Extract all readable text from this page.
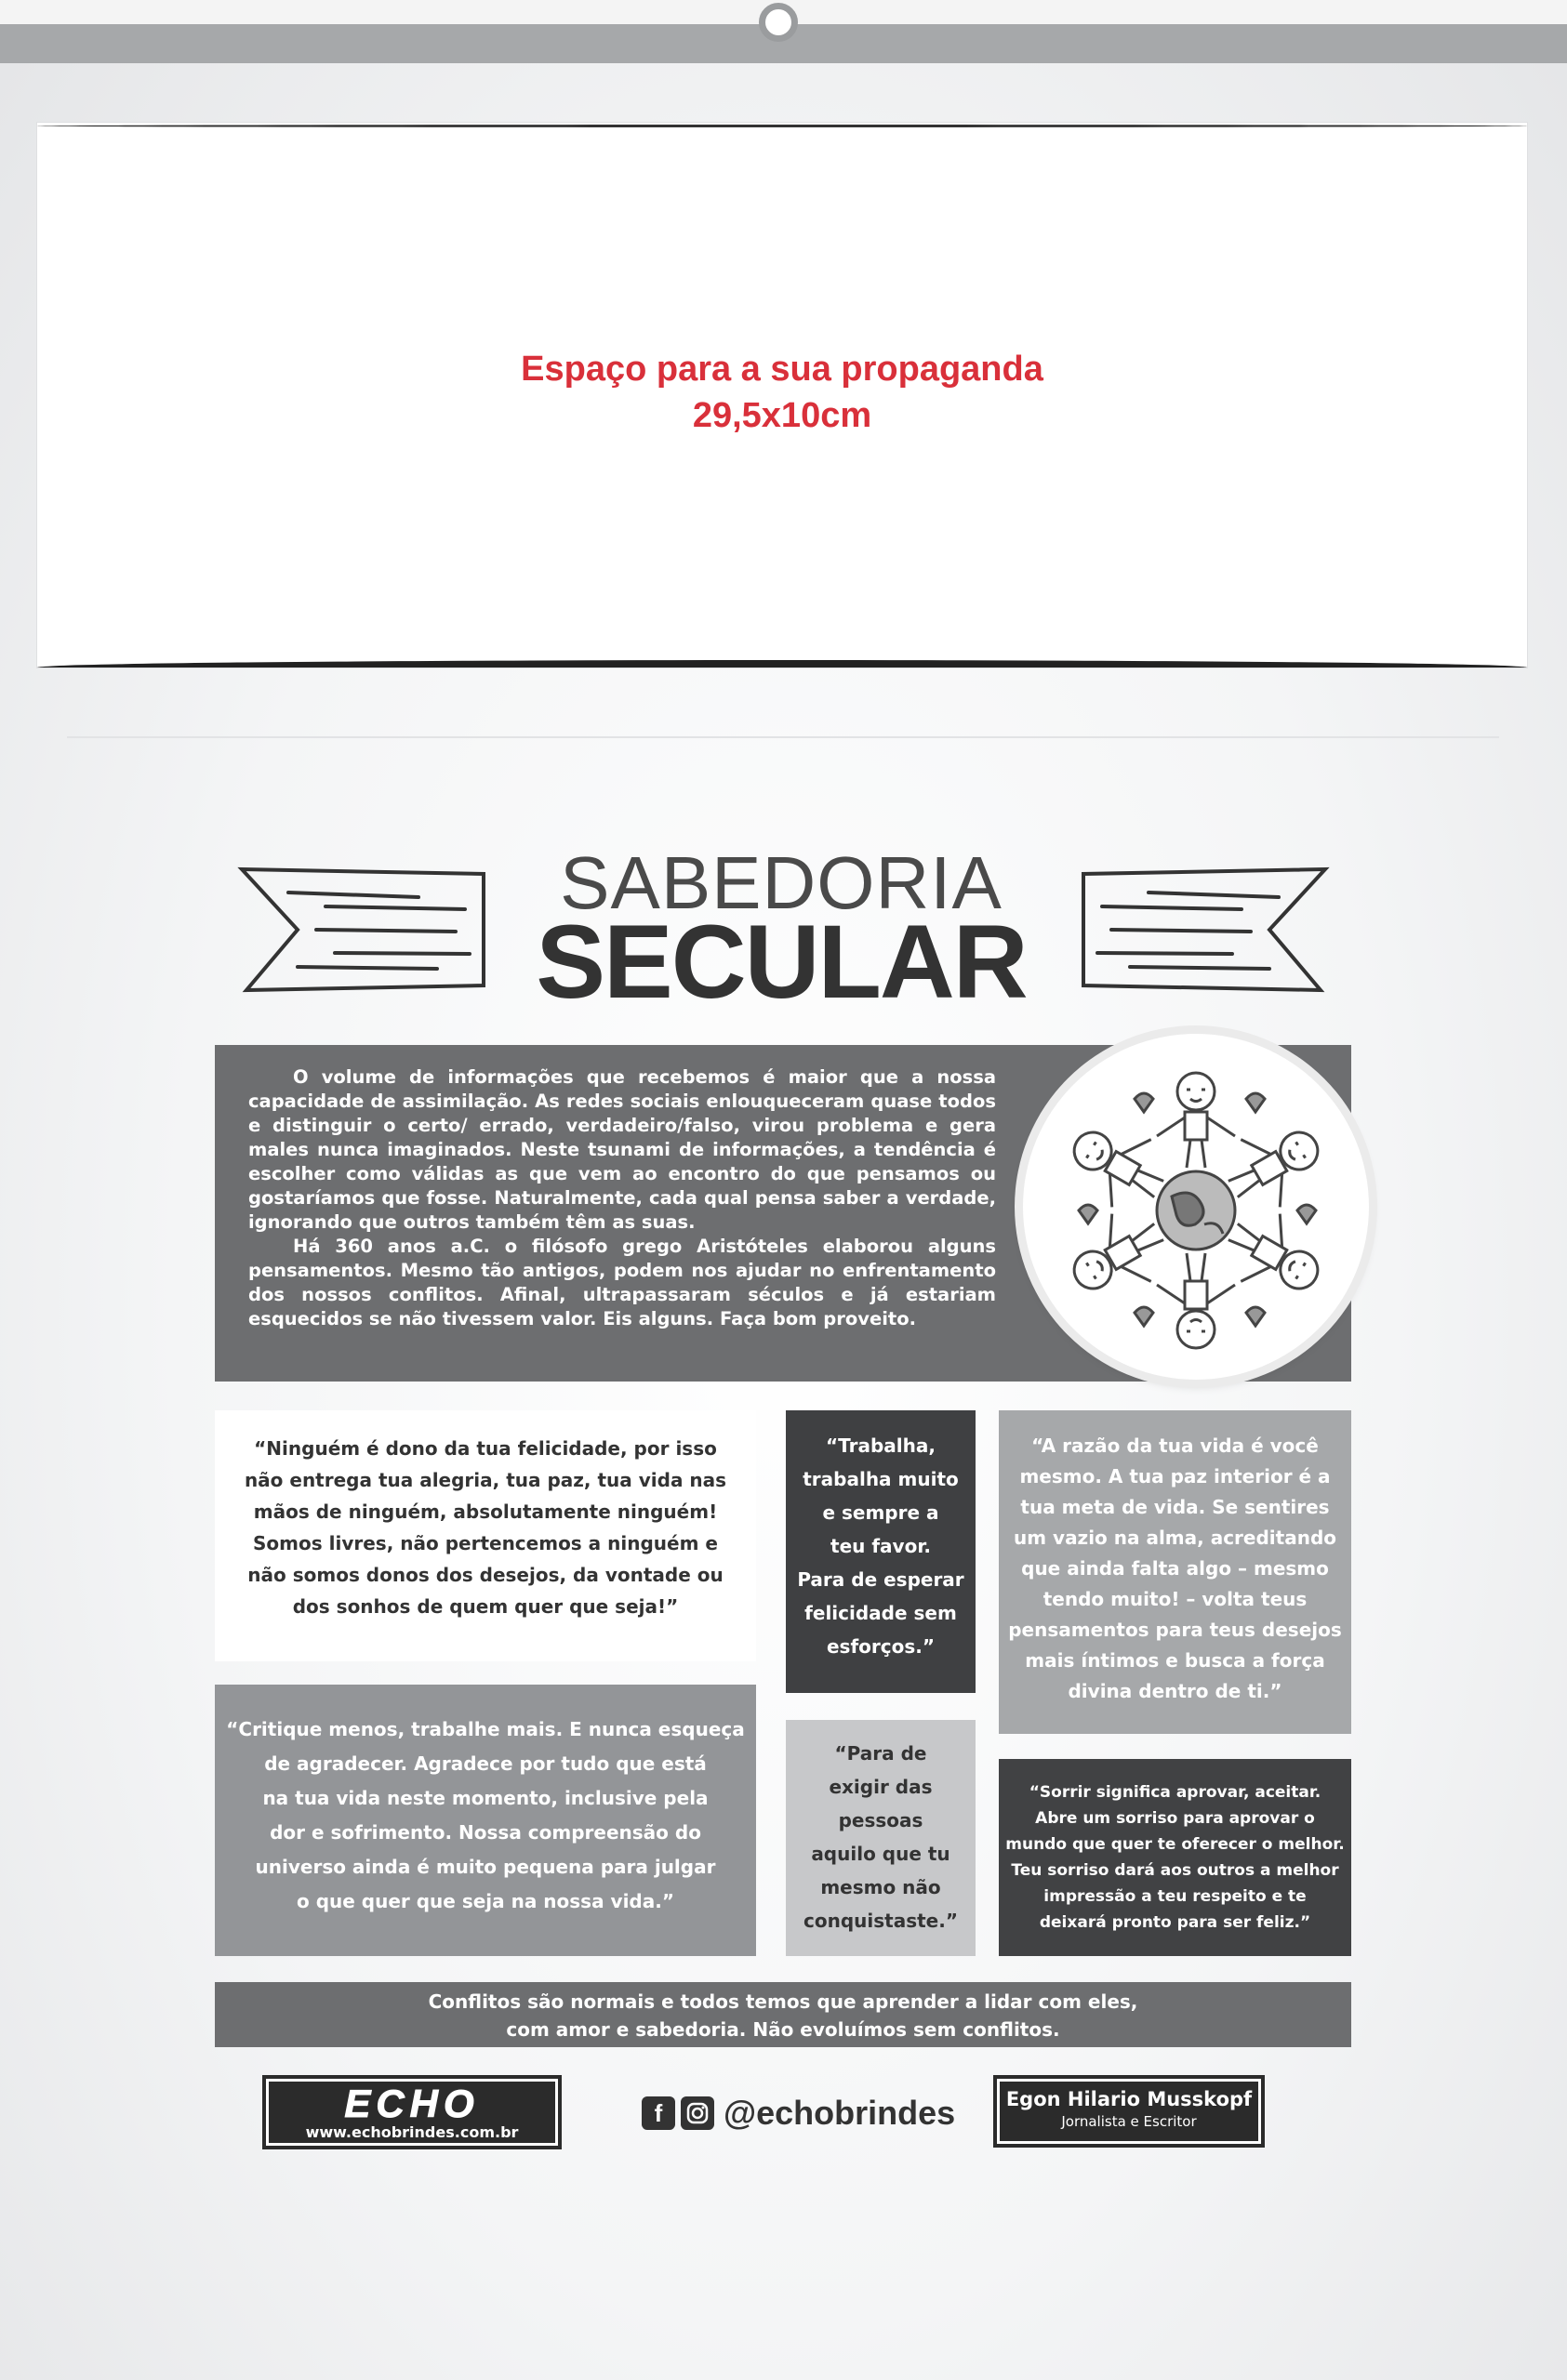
Espaço para a sua propaganda
29,5x10cm
SABEDORIA
SECULAR

O volume de informações que recebemos é maior que a nossa capacidade de assimilação. As redes sociais enlouqueceram quase todos e distinguir o certo/ errado, verdadeiro/falso, virou problema e gera males nunca imaginados. Neste tsunami de informações, a tendência é escolher como válidas as que vem ao encontro do que pensamos ou gostaríamos que fosse. Naturalmente, cada qual pensa saber a verdade, ignorando que outros também têm as suas.

Há 360 anos a.C. o filósofo grego Aristóteles elaborou alguns pensamentos. Mesmo tão antigos, podem nos ajudar no enfrentamento dos nossos conflitos. Afinal, ultrapassaram séculos e já estariam esquecidos se não tivessem valor. Eis alguns. Faça bom proveito.

“Ninguém é dono da tua felicidade, por isso

não entrega tua alegria, tua paz, tua vida nas

mãos de ninguém, absolutamente ninguém!

Somos livres, não pertencemos a ninguém e

não somos donos dos desejos, da vontade ou

dos sonhos de quem quer que seja!”

“Trabalha,

trabalha muito

e sempre a

teu favor.

Para de esperar

felicidade sem

esforços.”

“A razão da tua vida é você

mesmo. A tua paz interior é a

tua meta de vida. Se sentires

um vazio na alma, acreditando

que ainda falta algo – mesmo

tendo muito! – volta teus

pensamentos para teus desejos

mais íntimos e busca a força

divina dentro de ti.”

“Critique menos, trabalhe mais. E nunca esqueça

de agradecer. Agradece por tudo que está

na tua vida neste momento, inclusive pela

dor e sofrimento. Nossa compreensão do

universo ainda é muito pequena para julgar

o que quer que seja na nossa vida.”

“Para de

exigir das

pessoas

aquilo que tu

mesmo não

conquistaste.”

“Sorrir significa aprovar, aceitar.

Abre um sorriso para aprovar o

mundo que quer te oferecer o melhor.

Teu sorriso dará aos outros a melhor

impressão a teu respeito e te

deixará pronto para ser feliz.”

Conflitos são normais e todos temos que aprender a lidar com eles,
com amor e sabedoria. Não evoluímos sem conflitos.
ECHO
www.echobrindes.com.br
f	@echobrindes	Egon Hilario Musskopf
Jornalista e Escritor
